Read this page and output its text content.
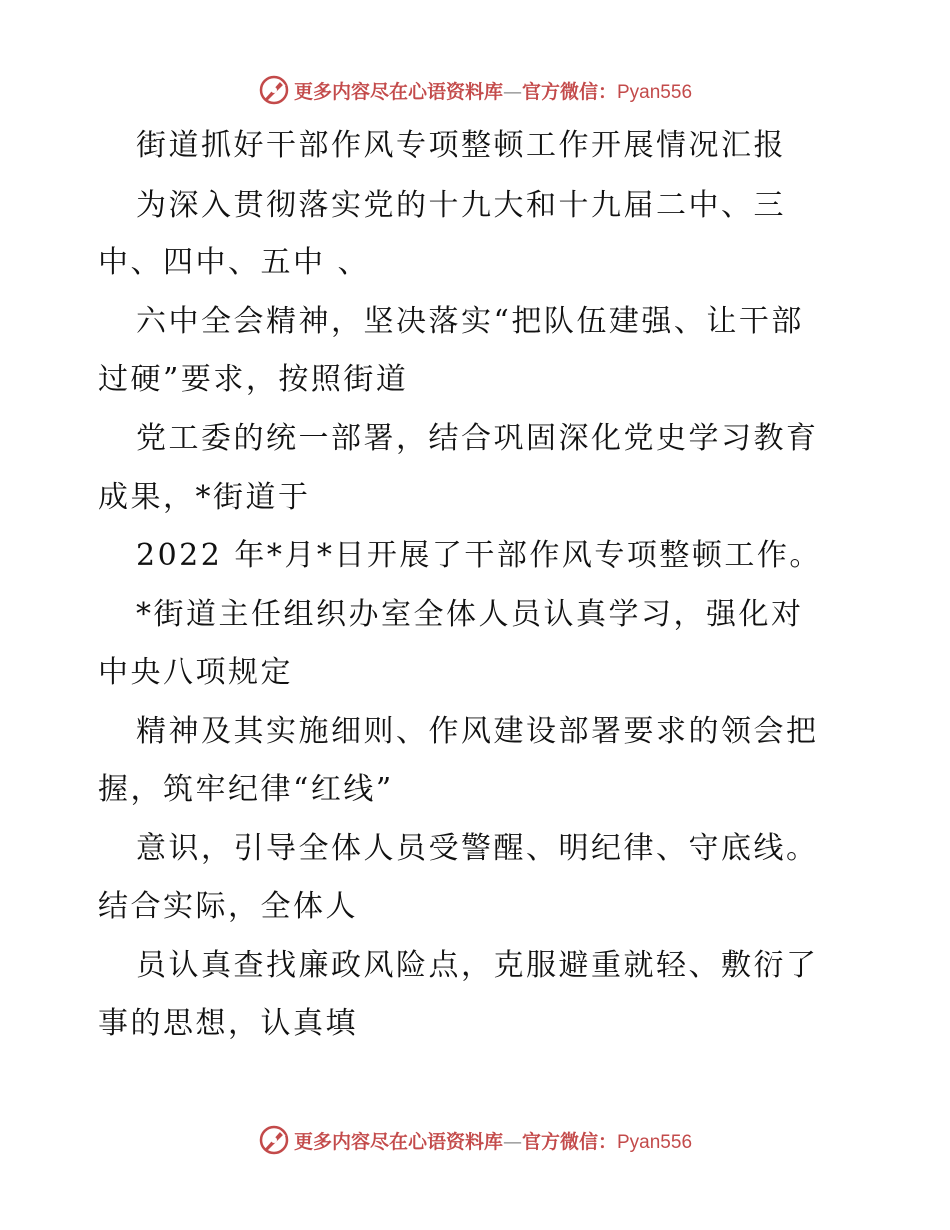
更多内容尽在心语资料库—官方微信：Pyan556
街道抓好干部作风专项整顿工作开展情况汇报
为深入贯彻落实党的十九大和十九届二中、三
中、四中、五中 、
六中全会精神，坚决落实“把队伍建强、让干部
过硬”要求，按照街道
党工委的统一部署，结合巩固深化党史学习教育
成果，*街道于
2022 年*月*日开展了干部作风专项整顿工作。
*街道主任组织办室全体人员认真学习，强化对
中央八项规定
精神及其实施细则、作风建设部署要求的领会把
握，筑牢纪律“红线”
意识，引导全体人员受警醒、明纪律、守底线。
结合实际，全体人
员认真查找廉政风险点，克服避重就轻、敷衍了
事的思想，认真填
更多内容尽在心语资料库—官方微信：Pyan556
